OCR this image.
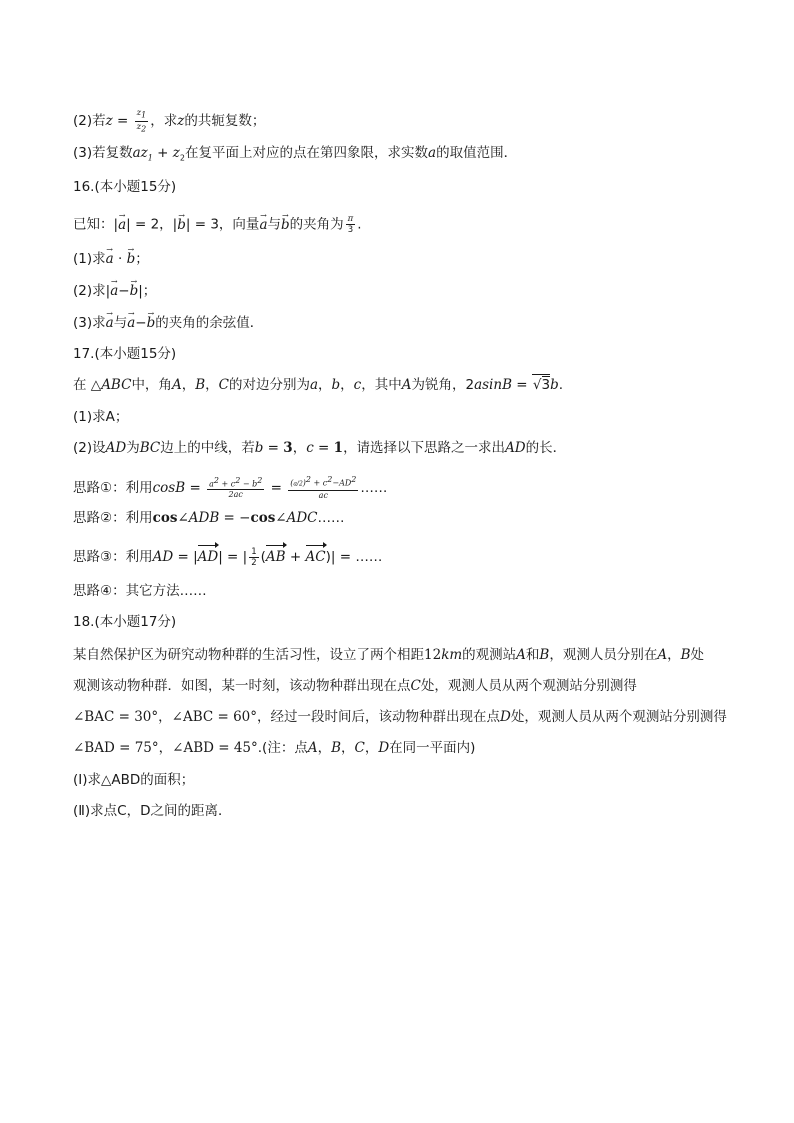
(2)若$z = \frac{z_1}{z_2}$ ，求z的共轭复数；
(3)若复数$az_1 + z_2$在复平面上对应的点在第四象限，求实数a的取值范围．
16.(本小题15分)
已知：|→ a| = 2，|→ b| = 3，向量→ a与→ b的夹角为 $\frac{\pi}{3}$ .
(1)求→ a · → b；
(2)求|→ a−→ b|；
(3)求→ a与→ a−→ b的夹角的余弦值．
17.(本小题15分)
在 △ABC中，角A，B，C的对边分别为a，b，c，其中A为锐角，2asinB = √3b.
(1)求A；
(2)设AD为BC边上的中线，若b = 3，c = 1，请选择以下思路之一求出AD的长．
思路①：利用$\cos B = \frac{a^2 + c^2 - b^2}{2ac} = \frac{(a/2)^2 + c^2-AD^2}{ac}$ ……
思路②：利用cos∠ADB = −cos∠ADC……
思路③：利用AD = |AD| = | $\frac{1}{2} (AB + AC)|$ = ……
思路④：其它方法……
18.(本小题17分)
某自然保护区为研究动物种群的生活习性，设立了两个相距12km的观测站A和B，观测人员分别在A，B处
观测该动物种群．如图，某一时刻，该动物种群出现在点C处，观测人员从两个观测站分别测得
∠BAC = 30°，∠ABC = 60°，经过一段时间后，该动物种群出现在点D处，观测人员从两个观测站分别测得
∠BAD = 75°，∠ABD = 45°.(注：点A，B，C，D在同一平面内)
(Ⅰ)求△ABD的面积；
(Ⅱ)求点C，D之间的距离．
